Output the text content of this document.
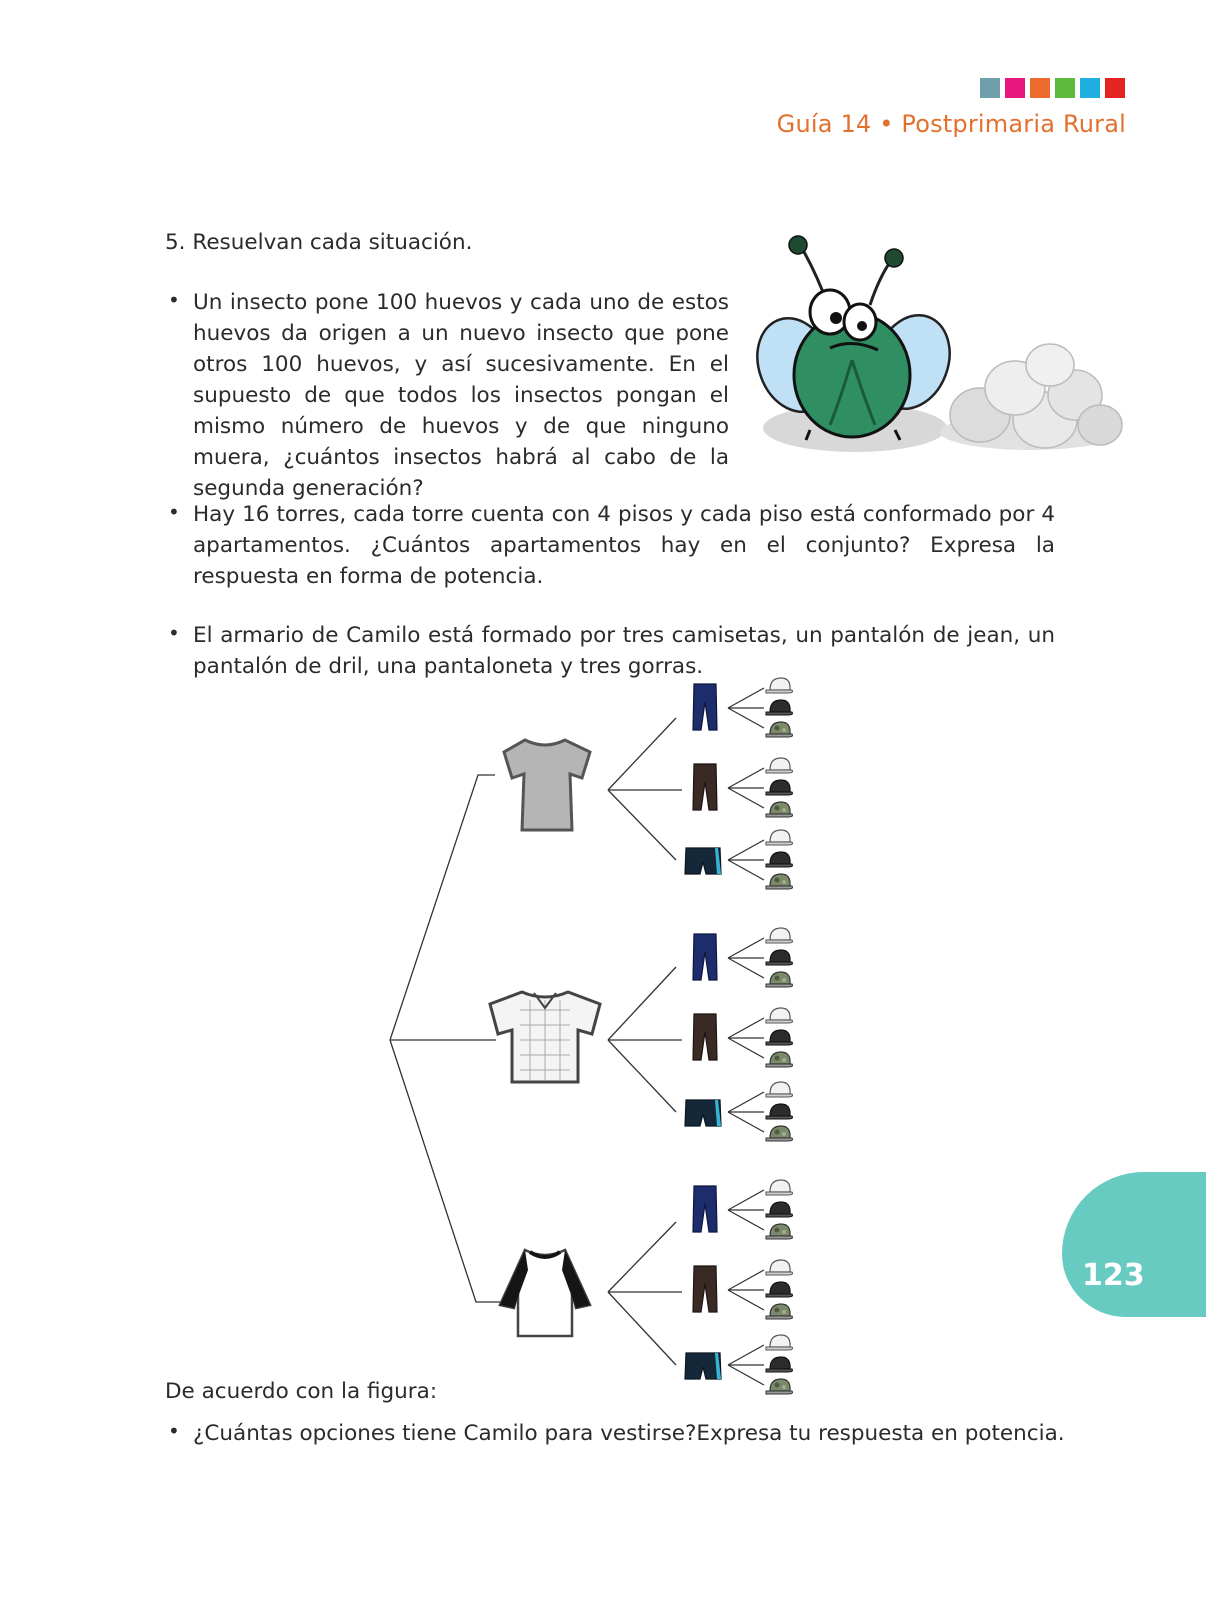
Guía 14 • Postprimaria Rural
5. Resuelvan cada situación.
• Un insecto pone 100 huevos y cada uno de estos huevos da origen a un nuevo insecto que pone otros 100 huevos, y así sucesivamente. En el supuesto de que todos los insectos pongan el mismo número de huevos y de que ninguno muera, ¿cuántos insectos habrá al cabo de la segunda generación?
• Hay 16 torres, cada torre cuenta con 4 pisos y cada piso está conformado por 4 apartamentos. ¿Cuántos apartamentos hay en el conjunto? Expresa la respuesta en forma de potencia.
• El armario de Camilo está formado por tres camisetas, un pantalón de jean, un pantalón de dril, una pantaloneta y tres gorras.
De acuerdo con la figura:
• ¿Cuántas opciones tiene Camilo para vestirse?Expresa tu respuesta en potencia.
123
